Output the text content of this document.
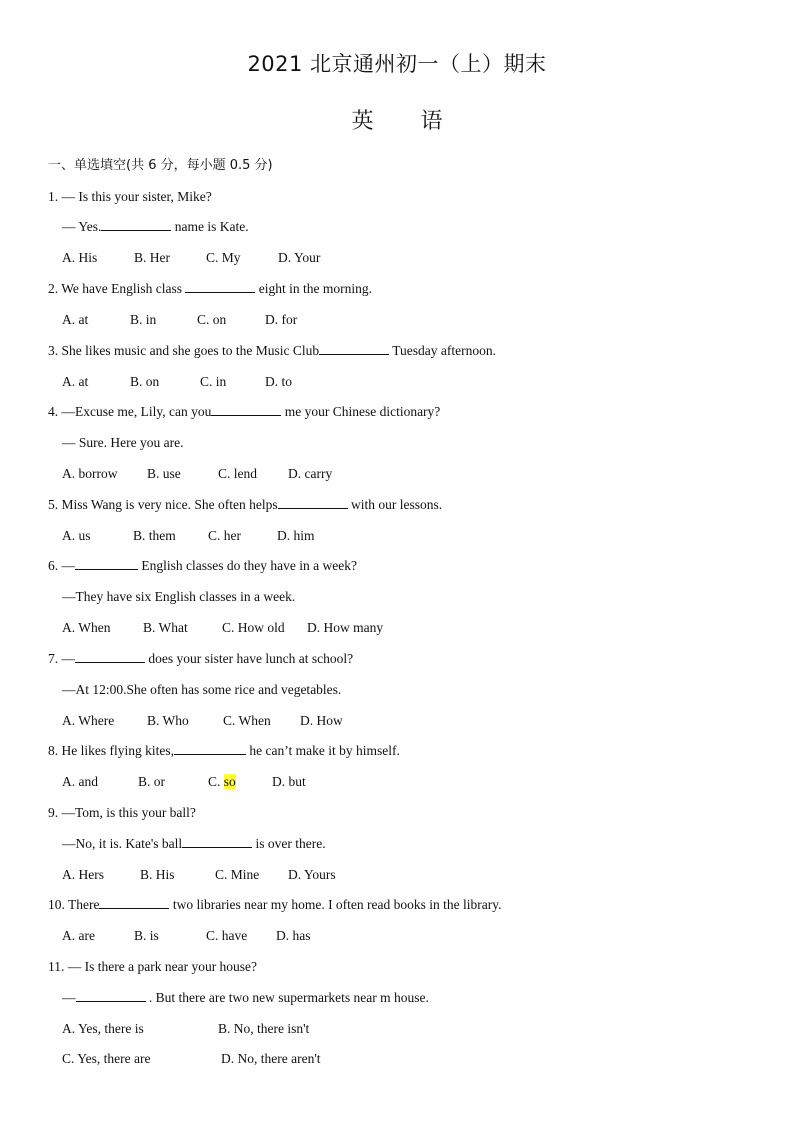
2021 北京通州初一（上）期末
英 语
一、单选填空(共 6 分，每小题 0.5 分)
1. — Is this your sister, Mike?
— Yes.	name is Kate.
A. His	B. Her	C. My	D. Your
2. We have English class	eight in the morning.
A. at	B. in	C. on	D. for
3. She likes music and she goes to the Music Club	Tuesday afternoon.
A. at	B. on	C. in	D. to
4. —Excuse me, Lily, can you	me your Chinese dictionary?
— Sure. Here you are.
A. borrow B. use	C. lend D. carry
5. Miss Wang is very nice. She often helps	with our lessons.
A. us	B. them C. her	D. him
6. —	English classes do they have in a week?
—They have six English classes in a week.
A. When B. What	C. How old D. How many
7. —	does your sister have lunch at school?
—At 12:00.She often has some rice and vegetables.
A. Where B. Who	C. When D. How
8. He likes flying kites,	he can’t make it by himself.
A. and	B. or	C. so	D. but
9. —Tom, is this your ball?
—No, it is. Kate's ball	is over there.
A. Hers	B. His	C. Mine D. Yours
10. There	two libraries near my home. I often read books in the library.
A. are	B. is	C. have D. has
11. — Is there a park near your house?
—	. But there are two new supermarkets near m house.
A. Yes, there is	B. No, there isn't
C. Yes, there are	D. No, there aren't
